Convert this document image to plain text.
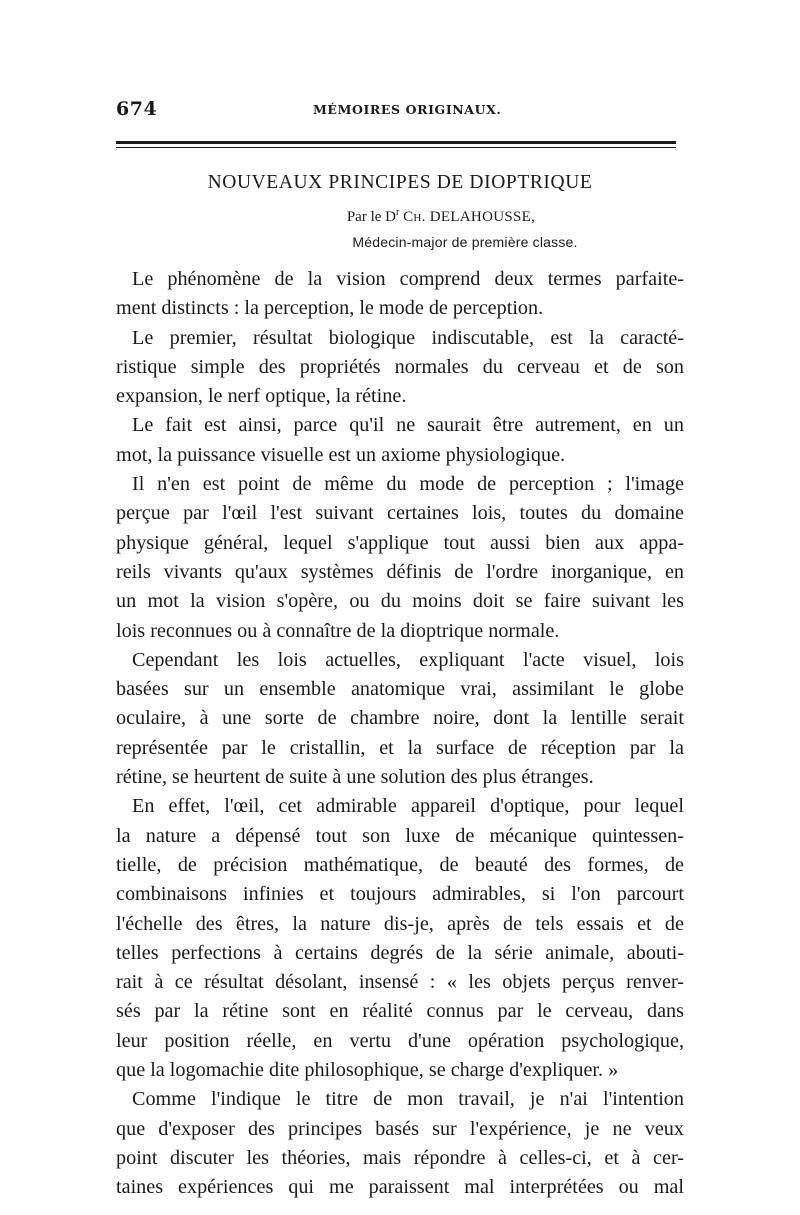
674	MÉMOIRES ORIGINAUX.
NOUVEAUX PRINCIPES DE DIOPTRIQUE
Par le $D^r$ Ch. DELAHOUSSE,
Médecin-major de première classe.
Le phénomène de la vision comprend deux termes parfaite-
ment distincts : la perception, le mode de perception.
Le premier, résultat biologique indiscutable, est la caracté-
ristique simple des propriétés normales du cerveau et de son
expansion, le nerf optique, la rétine.
Le fait est ainsi, parce qu'il ne saurait être autrement, en un
mot, la puissance visuelle est un axiome physiologique.
Il n'en est point de même du mode de perception ; l'image
perçue par l'œil l'est suivant certaines lois, toutes du domaine
physique général, lequel s'applique tout aussi bien aux appa-
reils vivants qu'aux systèmes définis de l'ordre inorganique, en
un mot la vision s'opère, ou du moins doit se faire suivant les
lois reconnues ou à connaître de la dioptrique normale.
Cependant les lois actuelles, expliquant l'acte visuel, lois
basées sur un ensemble anatomique vrai, assimilant le globe
oculaire, à une sorte de chambre noire, dont la lentille serait
représentée par le cristallin, et la surface de réception par la
rétine, se heurtent de suite à une solution des plus étranges.
En effet, l'œil, cet admirable appareil d'optique, pour lequel
la nature a dépensé tout son luxe de mécanique quintessen-
tielle, de précision mathématique, de beauté des formes, de
combinaisons infinies et toujours admirables, si l'on parcourt
l'échelle des êtres, la nature dis-je, après de tels essais et de
telles perfections à certains degrés de la série animale, abouti-
rait à ce résultat désolant, insensé : « les objets perçus renver-
sés par la rétine sont en réalité connus par le cerveau, dans
leur position réelle, en vertu d'une opération psychologique,
que la logomachie dite philosophique, se charge d'expliquer. »
Comme l'indique le titre de mon travail, je n'ai l'intention
que d'exposer des principes basés sur l'expérience, je ne veux
point discuter les théories, mais répondre à celles-ci, et à cer-
taines expériences qui me paraissent mal interprétées ou mal
